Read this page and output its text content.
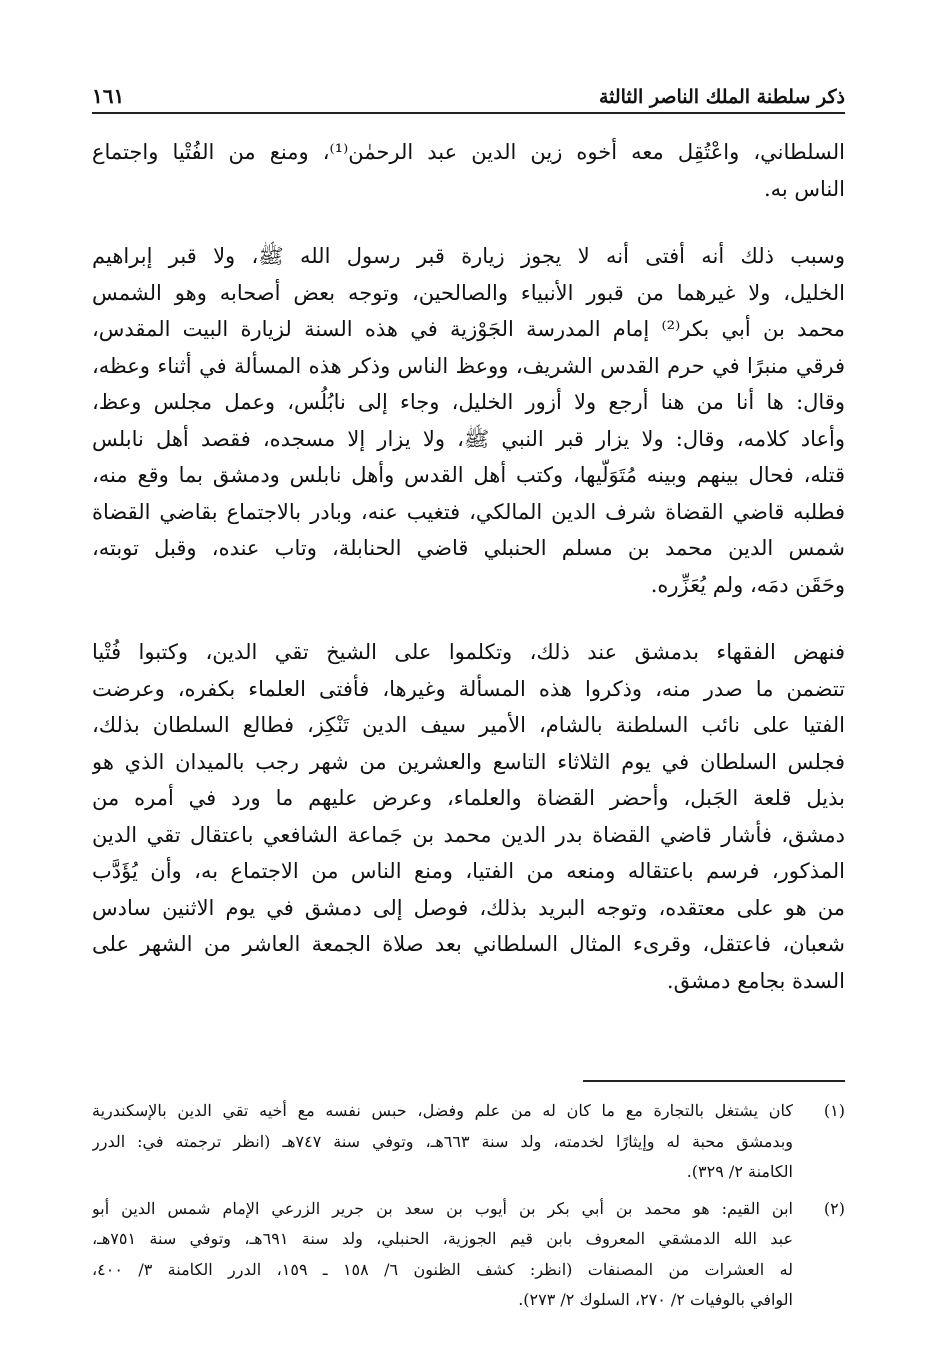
ذكر سلطنة الملك الناصر الثالثة
١٦١
السلطاني، واعْتُقِل معه أخوه زين الدين عبد الرحمٰن⁽¹⁾، ومنع من الفُتْيا واجتماع
الناس به.
وسبب ذلك أنه أفتى أنه لا يجوز زيارة قبر رسول الله ﷺ، ولا قبر إبراهيم
الخليل، ولا غيرهما من قبور الأنبياء والصالحين، وتوجه بعض أصحابه وهو الشمس
محمد بن أبي بكر⁽²⁾ إمام المدرسة الجَوْزية في هذه السنة لزيارة البيت المقدس،
فرقي منبرًا في حرم القدس الشريف، ووعظ الناس وذكر هذه المسألة في أثناء وعظه،
وقال: ها أنا من هنا أرجع ولا أزور الخليل، وجاء إلى نابُلُس، وعمل مجلس وعظ،
وأعاد كلامه، وقال: ولا يزار قبر النبي ﷺ، ولا يزار إلا مسجده، فقصد أهل نابلس
قتله، فحال بينهم وبينه مُتَوَلّيها، وكتب أهل القدس وأهل نابلس ودمشق بما وقع منه،
فطلبه قاضي القضاة شرف الدين المالكي، فتغيب عنه، وبادر بالاجتماع بقاضي القضاة
شمس الدين محمد بن مسلم الحنبلي قاضي الحنابلة، وتاب عنده، وقبل توبته،
وحَقَن دمَه، ولم يُعَزِّره.
فنهض الفقهاء بدمشق عند ذلك، وتكلموا على الشيخ تقي الدين، وكتبوا فُتْيا
تتضمن ما صدر منه، وذكروا هذه المسألة وغيرها، فأفتى العلماء بكفره، وعرضت
الفتيا على نائب السلطنة بالشام، الأمير سيف الدين تَنْكِز، فطالع السلطان بذلك،
فجلس السلطان في يوم الثلاثاء التاسع والعشرين من شهر رجب بالميدان الذي هو
بذيل قلعة الجَبل، وأحضر القضاة والعلماء، وعرض عليهم ما ورد في أمره من
دمشق، فأشار قاضي القضاة بدر الدين محمد بن جَماعة الشافعي باعتقال تقي الدين
المذكور، فرسم باعتقاله ومنعه من الفتيا، ومنع الناس من الاجتماع به، وأن يُؤَدَّب
من هو على معتقده، وتوجه البريد بذلك، فوصل إلى دمشق في يوم الاثنين سادس
شعبان، فاعتقل، وقرىء المثال السلطاني بعد صلاة الجمعة العاشر من الشهر على
السدة بجامع دمشق.
(١)
كان يشتغل بالتجارة مع ما كان له من علم وفضل، حبس نفسه مع أخيه تقي الدين بالإسكندرية
وبدمشق محبة له وإيثارًا لخدمته، ولد سنة ٦٦٣هـ، وتوفي سنة ٧٤٧هـ (انظر ترجمته في: الدرر
الكامنة ٢/ ٣٢٩).
(٢)
ابن القيم: هو محمد بن أبي بكر بن أيوب بن سعد بن جرير الزرعي الإمام شمس الدين أبو
عبد الله الدمشقي المعروف بابن قيم الجوزية، الحنبلي، ولد سنة ٦٩١هـ، وتوفي سنة ٧٥١هـ،
له العشرات من المصنفات (انظر: كشف الظنون ٦/ ١٥٨ ـ ١٥٩، الدرر الكامنة ٣/ ٤٠٠،
الوافي بالوفيات ٢/ ٢٧٠، السلوك ٢/ ٢٧٣).
